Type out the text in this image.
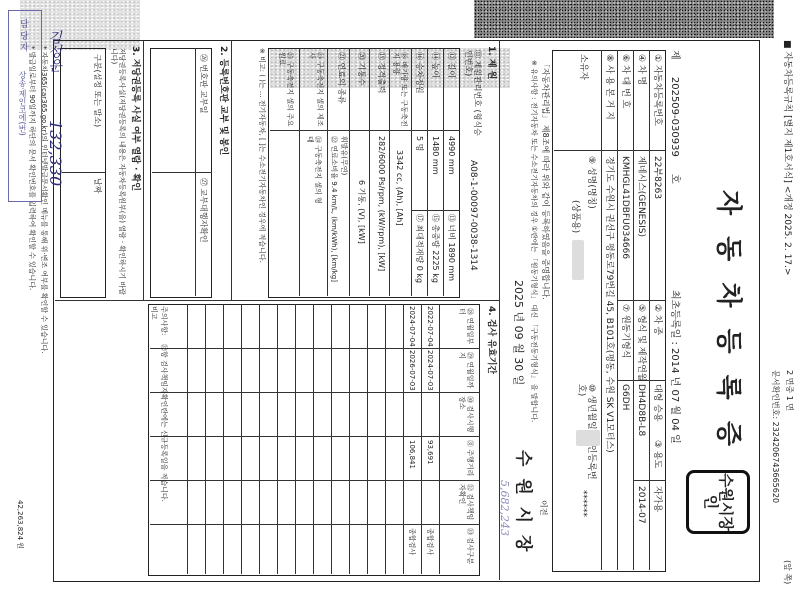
■ 자동차등록규칙 [별지 제1호서식] <개정 2025. 2. 17.>
2 면중 1 면
문서확인번호: 2324206743665620
(앞 쪽)
자 동 차 등 록 증
수원시장인
제 202509-030939 호
최초등록일 : 2014 년 07 월 04 일
① 자동차등록번호
22부8263
② 차 종
대형 승용
③ 용도
자가용
④ 차 명
제네시스(GENESIS)
⑤ 형식 및 제작연월
DH4D8B-L8
2014-07
⑥ 차 대 번 호
KMHGL41DBFU034666
⑦ 원동기형식
G6DH
⑧ 사 용 본 거 지
경기도 수원시 권선구 평동로79번길 45, B101호(평동, 수원 SK V1모터스)
소유자
⑨ 성명(명칭)
(상품용)
⑩ 생년월일 (법인등록번호)
******
「자동차관리법」 제8조에 따라 위와 같이 등록하였음을 증명합니다.
※ 유의사항 : 전기자동차 또는 수소전기자동차의 경우 ①란에는 「원동기형식」 대신 「구동전동기형식」 을 말합니다.
2025 년 09 월 30 일
수 원 시 장 이전
1. 제 원
⑪ 제원관리번호 (형식승인번호)
A08-1-00097-0038-1314
⑫ 길이
4990 mm
⑬ 너비 1890 mm
⑭ 높이
1480 mm
⑮ 총중량 2225 kg
⑯ 승차정원
5 명
⑰ 최대적재량 0 kg
⑱ 배기량 또는 구동축전지 용량
3342 cc, (Ah), [Ah]
⑲ 정격출력
282/6000 Ps/rpm, (kW/rpm), [kW]
⑳ 기통수
6 기통, (V), [kW]
㉑ 연료의 종류
휘발유(무연)
㉒ 연료소비율 9.4 km/L, (km/kWh), [km/kg]
㉓ 구동축전지 셀의 제조사
㉔ 구동축전지 셀의 형태
㉕ 구동축전지 셀의 주요원료
※ 비고: ( )는 ... 전기자동차, [ ]는 수소전기자동차인 경우에 적습니다.
2. 등록번호판 교부 및 봉인
㉖ 번호판 교부일
㉗ 교부대행자확인
3. 저당권등록 사실 여부 열람 · 확인
저당권등록사실(저당권등록의 내용은 자동차등록원부(을) 열람 · 확인하시기 바랍니다)
구분(설정 또는 말소)
날짜
4. 검사 유효기간
㉘ 연월일부터
㉙ 연월일까지
㉚ 검사시행장소
㉛ 주행거리
㉜ 검사책임자확인
㉝ 검사구분
2022-07-04
2024-07-03
93,691
종합검사
2024-07-04
2026-07-03
106,841
종합검사
주의사항:
㉜항 검사책임자확인란에는 신규등록일을 적습니다.
비고
* 자동차365(car365.go.kr)의 인터넷발급문서확인 메뉴를 통해 위·변조 여부를 확인할 수 있습니다.
* 발급일로부터 90일까지 하단의 문서 확인번호를 입력하여 확인할 수 있습니다.
42,263,824 원	5,682,243
담 당 자
상송·제인코에(번)
132,330
김성운
